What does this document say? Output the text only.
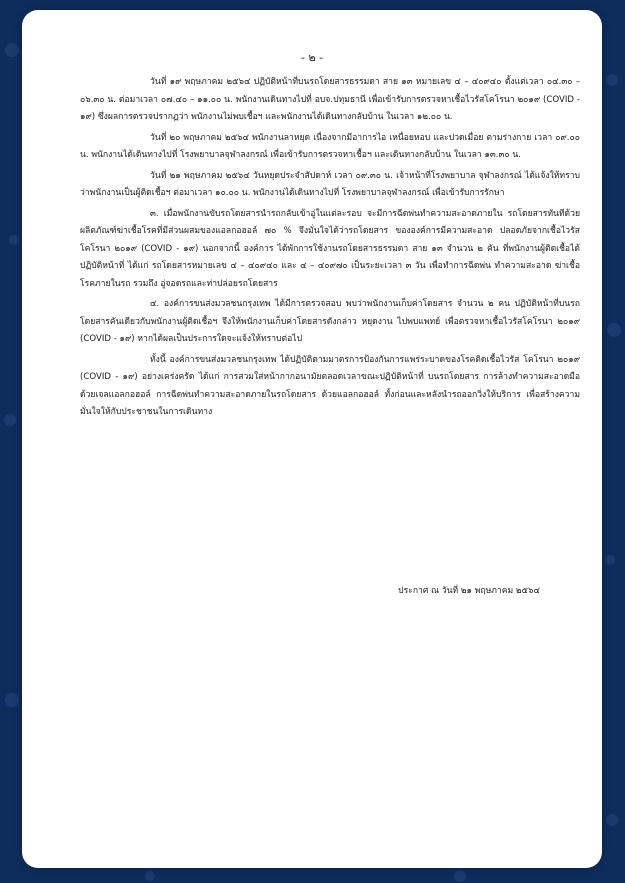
- ๒ -

วันที่ ๑๙ พฤษภาคม ๒๕๖๔ ปฏิบัติหน้าที่บนรถโดยสารธรรมดา สาย ๑๓ หมายเลข ๔ – ๔๐๙๔๐ ตั้งแต่เวลา ๐๔.๓๐ – ๐๖.๓๐ น. ต่อมาเวลา ๐๗.๔๐ – ๑๑.๐๐ น. พนักงานเดินทางไปที่ อบจ.ปทุมธานี เพื่อเข้ารับการตรวจหาเชื้อไวรัสโคโรนา ๒๐๑๙ (COVID - ๑๙) ซึ่งผลการตรวจปรากฏว่า พนักงานไม่พบเชื้อฯ และพนักงานได้เดินทางกลับบ้าน ในเวลา ๑๒.๐๐ น.

วันที่ ๒๐ พฤษภาคม ๒๕๖๔ พนักงานลาหยุด เนื่องจากมีอาการไอ เหนื่อยหอบ และปวดเมื่อย ตามร่างกาย เวลา ๐๙.๐๐ น. พนักงานได้เดินทางไปที่ โรงพยาบาลจุฬาลงกรณ์ เพื่อเข้ารับการตรวจหาเชื้อฯ และเดินทางกลับบ้าน ในเวลา ๑๓.๓๐ น.

วันที่ ๒๑ พฤษภาคม ๒๕๖๔ วันหยุดประจำสัปดาห์ เวลา ๐๙.๓๐ น. เจ้าหน้าที่โรงพยาบาล จุฬาลงกรณ์ ได้แจ้งให้ทราบว่าพนักงานเป็นผู้ติดเชื้อฯ ต่อมาเวลา ๑๐.๐๐ น. พนักงานได้เดินทางไปที่ โรงพยาบาลจุฬาลงกรณ์ เพื่อเข้ารับการรักษา

๓. เมื่อพนักงานขับรถโดยสารนำรถกลับเข้าอู่ในแต่ละรอบ จะมีการฉีดพ่นทำความสะอาดภายใน รถโดยสารทันทีด้วยผลิตภัณฑ์ฆ่าเชื้อโรคที่มีส่วนผสมของแอลกอฮอล์ ๗๐ % จึงมั่นใจได้ว่ารถโดยสาร ขององค์การมีความสะอาด ปลอดภัยจากเชื้อไวรัสโคโรนา ๒๐๑๙ (COVID - ๑๙) นอกจากนี้ องค์การ ได้พักการใช้งานรถโดยสารธรรมดา สาย ๑๓ จำนวน ๒ คัน ที่พนักงานผู้ติดเชื้อได้ปฏิบัติหน้าที่ ได้แก่ รถโดยสารหมายเลข ๔ – ๔๐๙๔๐ และ ๔ – ๔๐๙๗๐ เป็นระยะเวลา ๓ วัน เพื่อทำการฉีดพ่น ทำความสะอาด ฆ่าเชื้อโรคภายในรถ รวมถึง อู่จอดรถและท่าปล่อยรถโดยสาร

๔. องค์การขนส่งมวลชนกรุงเทพ ได้มีการตรวจสอบ พบว่าพนักงานเก็บค่าโดยสาร จำนวน ๒ คน ปฏิบัติหน้าที่บนรถโดยสารคันเดียวกับพนักงานผู้ติดเชื้อฯ จึงให้พนักงานเก็บค่าโดยสารดังกล่าว หยุดงาน ไปพบแพทย์ เพื่อตรวจหาเชื้อไวรัสโคโรนา ๒๐๑๙ (COVID - ๑๙) หากได้ผลเป็นประการใดจะแจ้งให้ทราบต่อไป

ทั้งนี้ องค์การขนส่งมวลชนกรุงเทพ ได้ปฏิบัติตามมาตรการป้องกันการแพร่ระบาดของโรคติดเชื้อไวรัส โคโรนา ๒๐๑๙ (COVID - ๑๙) อย่างเคร่งครัด ได้แก่ การสวมใส่หน้ากากอนามัยตลอดเวลาขณะปฏิบัติหน้าที่ บนรถโดยสาร การล้างทำความสะอาดมือด้วยเจลแอลกอฮอล์ การฉีดพ่นทำความสะอาดภายในรถโดยสาร ด้วยแอลกอฮอล์ ทั้งก่อนและหลังนำรถออกวิ่งให้บริการ เพื่อสร้างความมั่นใจให้กับประชาชนในการเดินทาง

ประกาศ ณ วันที่ ๒๑ พฤษภาคม ๒๕๖๔
